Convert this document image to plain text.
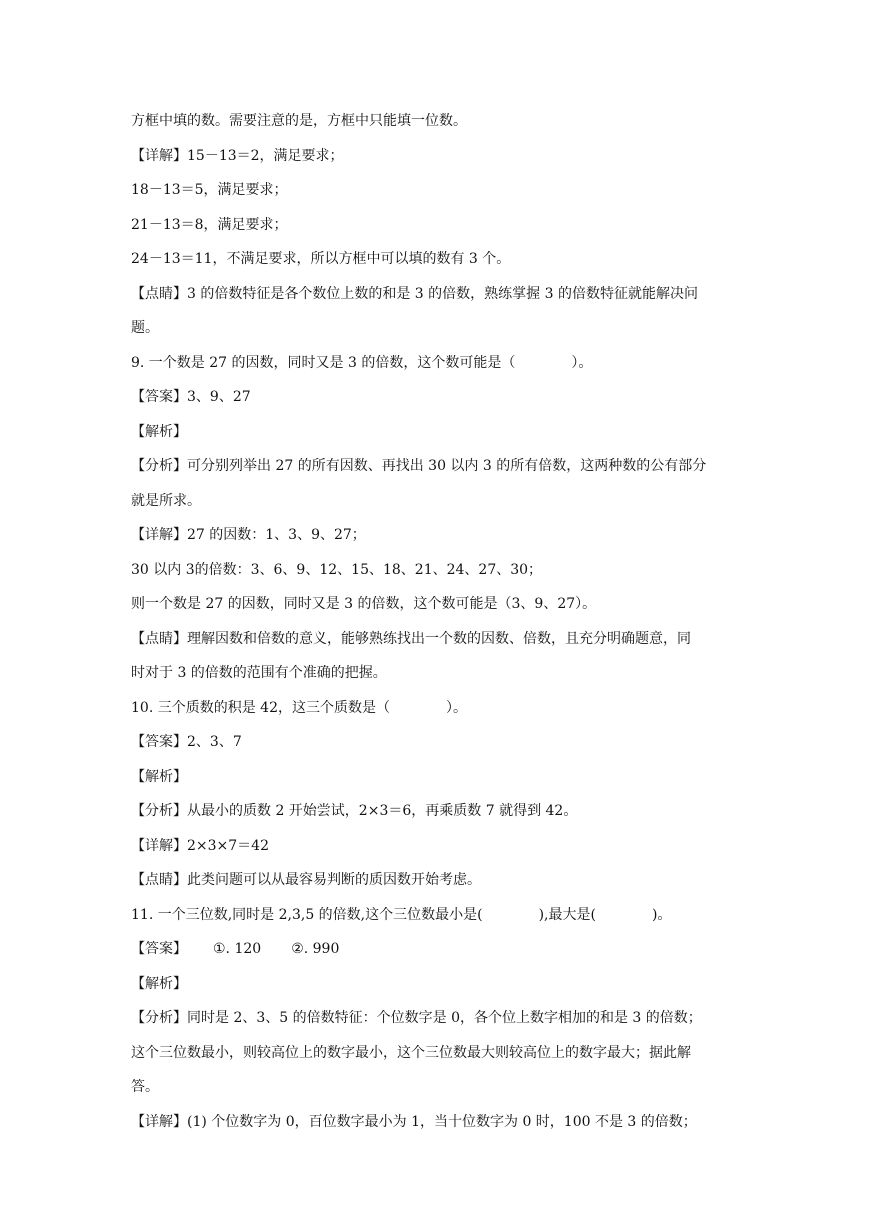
方框中填的数。需要注意的是，方框中只能填一位数。
【详解】15－13＝2，满足要求；
18－13＝5，满足要求；
21－13＝8，满足要求；
24－13＝11，不满足要求，所以方框中可以填的数有 3 个。
【点睛】3 的倍数特征是各个数位上数的和是 3 的倍数，熟练掌握 3 的倍数特征就能解决问
题。
9. 一个数是 27 的因数，同时又是 3 的倍数，这个数可能是（　　　　）。
【答案】3、9、27
【解析】
【分析】可分别列举出 27 的所有因数、再找出 30 以内 3 的所有倍数，这两种数的公有部分
就是所求。
【详解】27 的因数：1、3、9、27；
30 以内 3的倍数：3、6、9、12、15、18、21、24、27、30；
则一个数是 27 的因数，同时又是 3 的倍数，这个数可能是（3、9、27）。
【点睛】理解因数和倍数的意义，能够熟练找出一个数的因数、倍数，且充分明确题意，同
时对于 3 的倍数的范围有个准确的把握。
10. 三个质数的积是 42，这三个质数是（　　　　）。
【答案】2、3、7
【解析】
【分析】从最小的质数 2 开始尝试，2×3＝6，再乘质数 7 就得到 42。
【详解】2×3×7＝42
【点睛】此类问题可以从最容易判断的质因数开始考虑。
11. 一个三位数,同时是 2,3,5 的倍数,这个三位数最小是(　　　　),最大是(　　　　)。
【答案】 ①. 120 ②. 990
【解析】
【分析】同时是 2、3、5 的倍数特征：个位数字是 0，各个位上数字相加的和是 3 的倍数；
这个三位数最小，则较高位上的数字最小，这个三位数最大则较高位上的数字最大；据此解
答。
【详解】(1) 个位数字为 0，百位数字最小为 1，当十位数字为 0 时，100 不是 3 的倍数；
